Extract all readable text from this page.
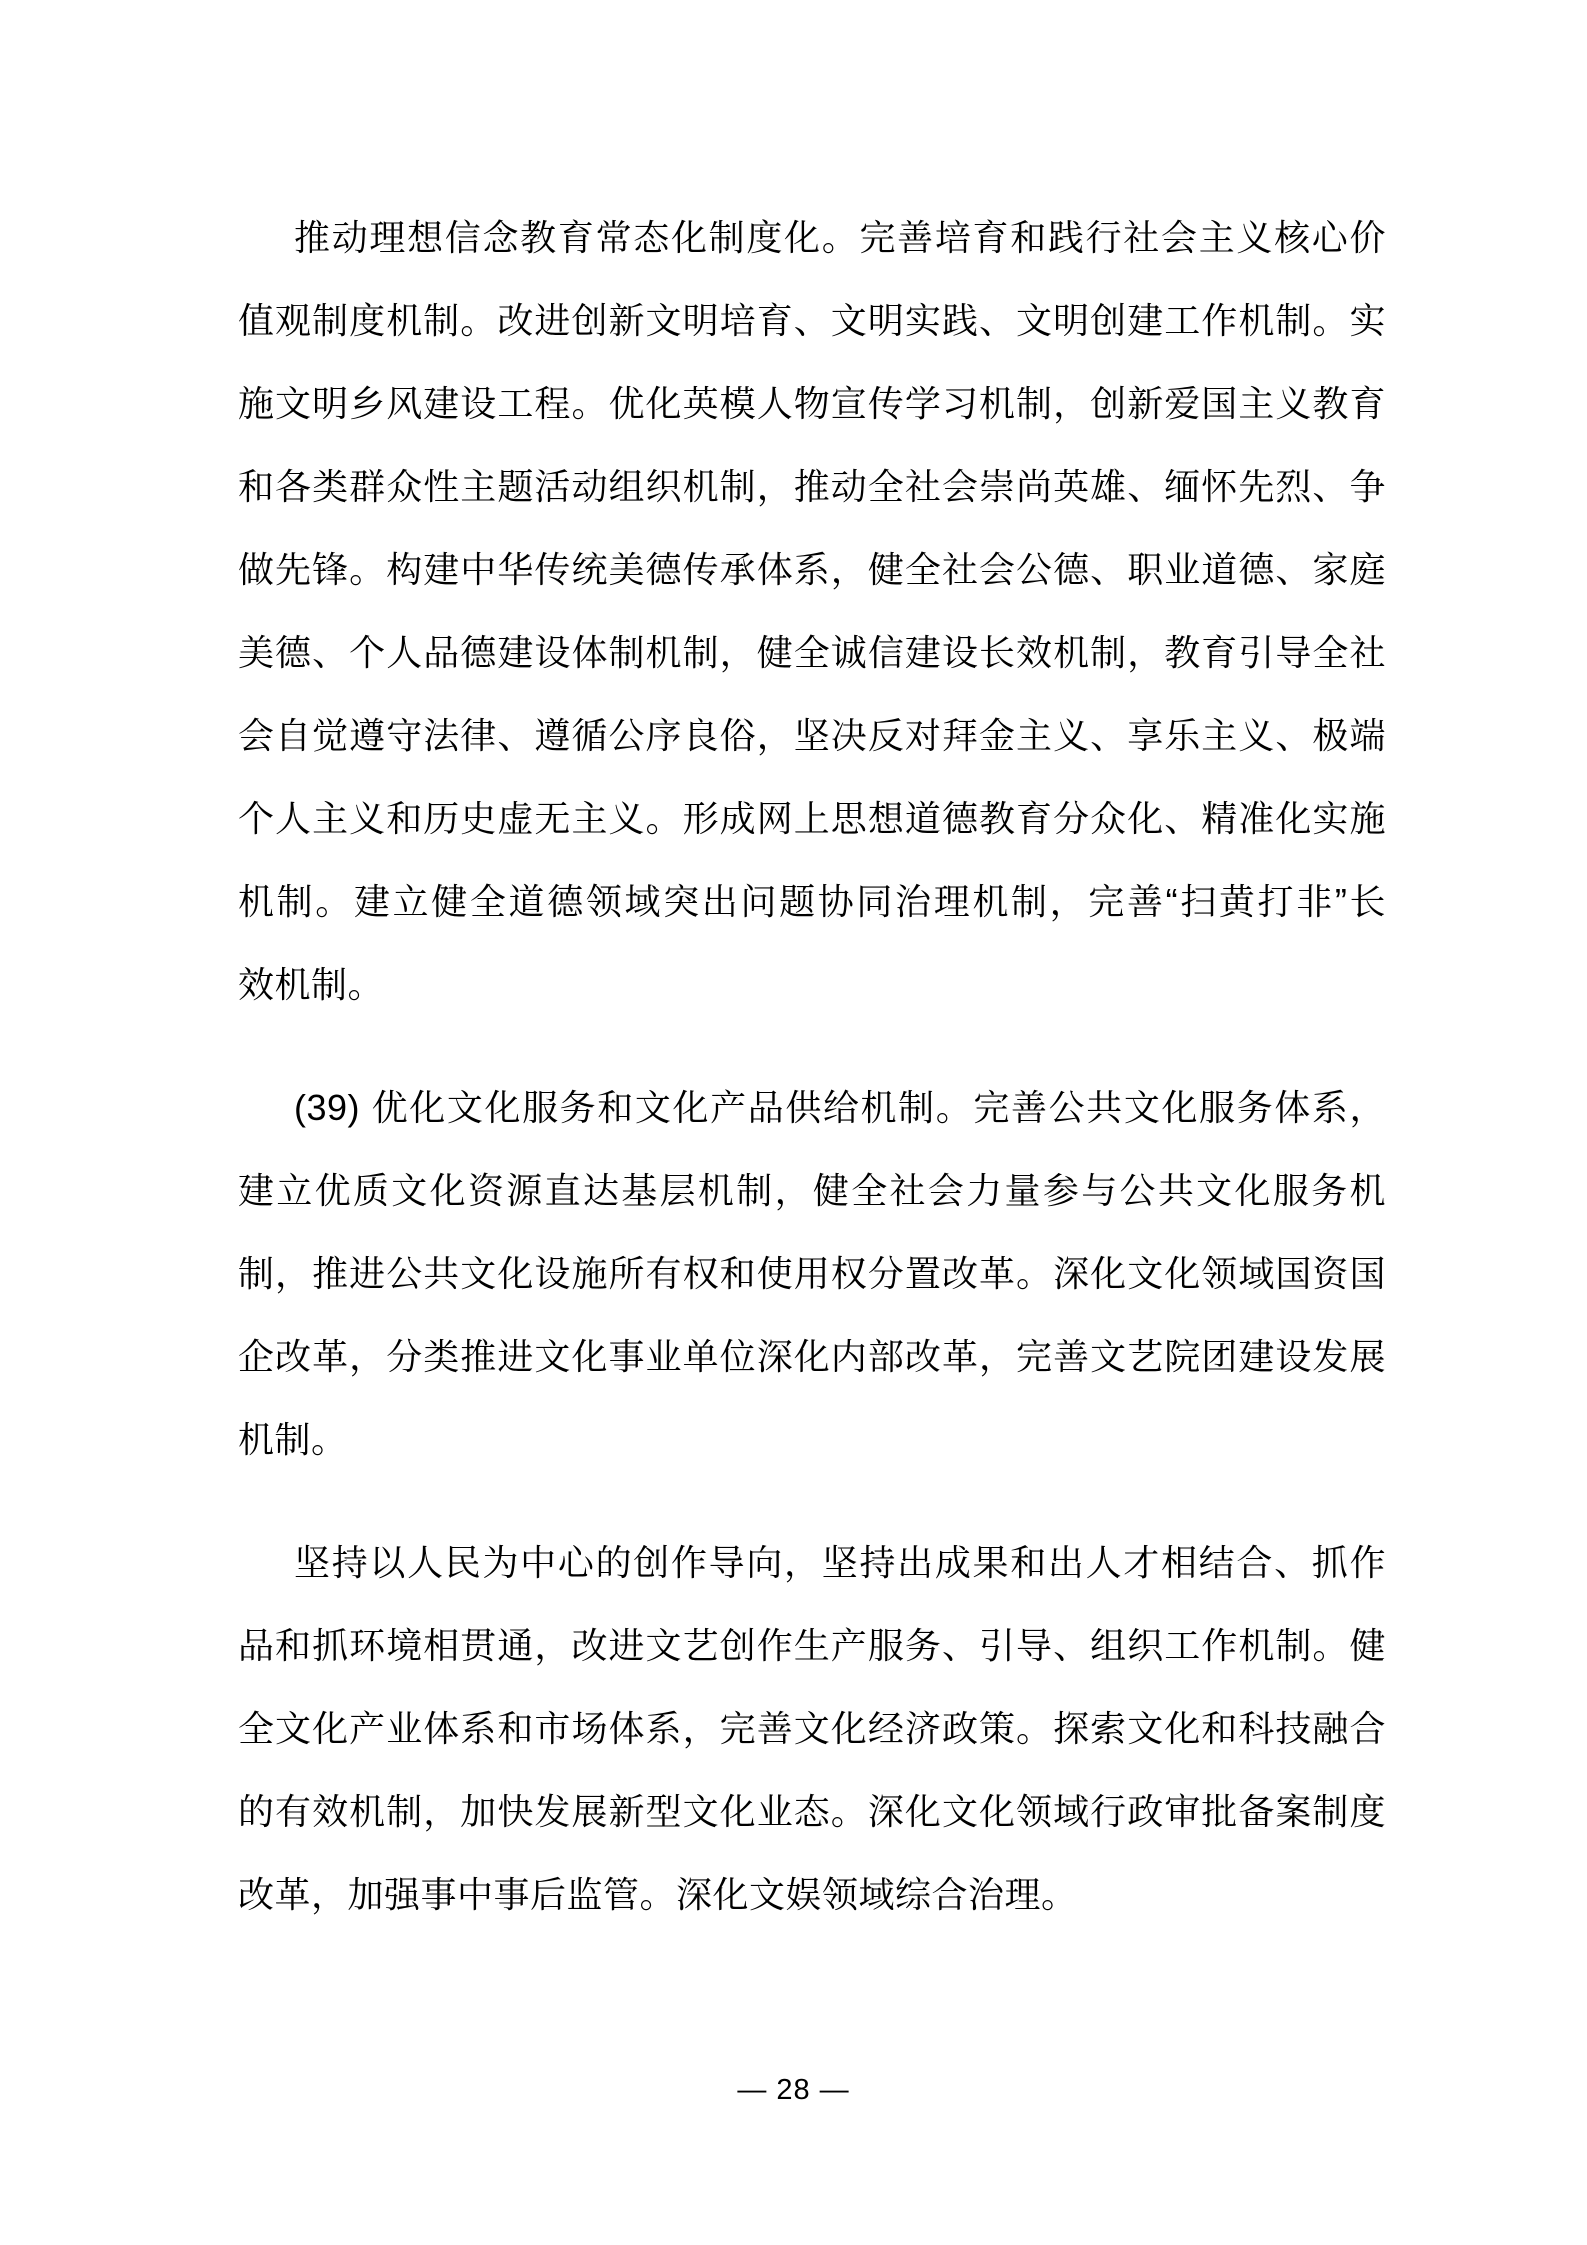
推动理想信念教育常态化制度化。完善培育和践行社会主义核心价
值观制度机制。改进创新文明培育、文明实践、文明创建工作机制。实
施文明乡风建设工程。优化英模人物宣传学习机制，创新爱国主义教育
和各类群众性主题活动组织机制，推动全社会崇尚英雄、缅怀先烈、争
做先锋。构建中华传统美德传承体系，健全社会公德、职业道德、家庭
美德、个人品德建设体制机制，健全诚信建设长效机制，教育引导全社
会自觉遵守法律、遵循公序良俗，坚决反对拜金主义、享乐主义、极端
个人主义和历史虚无主义。形成网上思想道德教育分众化、精准化实施
机制。建立健全道德领域突出问题协同治理机制，完善“扫黄打非”长
效机制。
(39) 优化文化服务和文化产品供给机制。完善公共文化服务体系，
建立优质文化资源直达基层机制，健全社会力量参与公共文化服务机
制，推进公共文化设施所有权和使用权分置改革。深化文化领域国资国
企改革，分类推进文化事业单位深化内部改革，完善文艺院团建设发展
机制。
坚持以人民为中心的创作导向，坚持出成果和出人才相结合、抓作
品和抓环境相贯通，改进文艺创作生产服务、引导、组织工作机制。健
全文化产业体系和市场体系，完善文化经济政策。探索文化和科技融合
的有效机制，加快发展新型文化业态。深化文化领域行政审批备案制度
改革，加强事中事后监管。深化文娱领域综合治理。
— 28 —
